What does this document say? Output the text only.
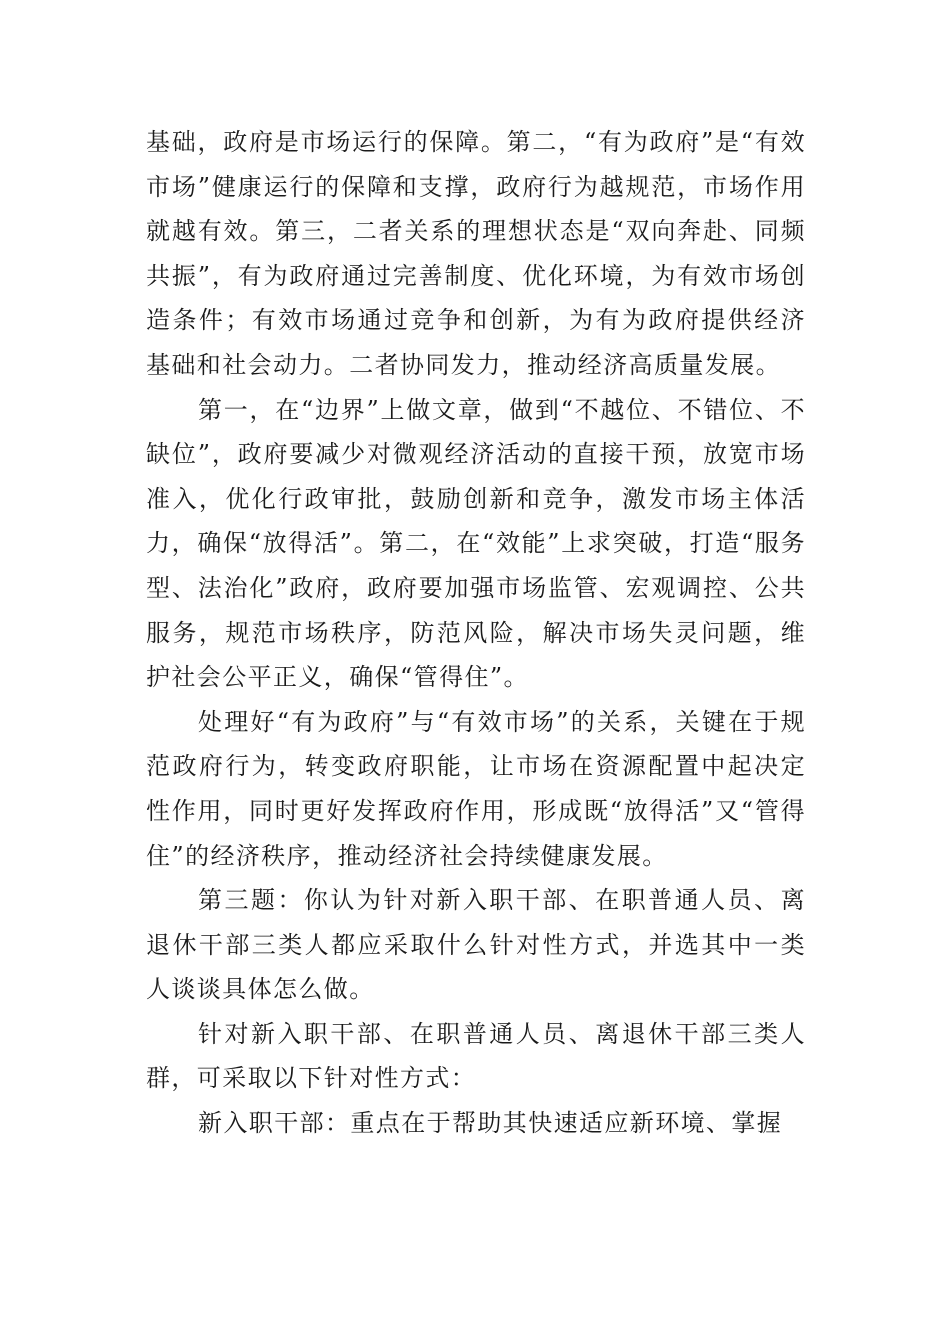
基础，政府是市场运行的保障。第二，“有为政府”是“有效市场”健康运行的保障和支撑，政府行为越规范，市场作用就越有效。第三，二者关系的理想状态是“双向奔赴、同频共振”，有为政府通过完善制度、优化环境，为有效市场创造条件；有效市场通过竞争和创新，为有为政府提供经济基础和社会动力。二者协同发力，推动经济高质量发展。

第一，在“边界”上做文章，做到“不越位、不错位、不缺位”，政府要减少对微观经济活动的直接干预，放宽市场准入，优化行政审批，鼓励创新和竞争，激发市场主体活力，确保“放得活”。第二，在“效能”上求突破，打造“服务型、法治化”政府，政府要加强市场监管、宏观调控、公共服务，规范市场秩序，防范风险，解决市场失灵问题，维护社会公平正义，确保“管得住”。

处理好“有为政府”与“有效市场”的关系，关键在于规范政府行为，转变政府职能，让市场在资源配置中起决定性作用，同时更好发挥政府作用，形成既“放得活”又“管得住”的经济秩序，推动经济社会持续健康发展。

第三题：你认为针对新入职干部、在职普通人员、离退休干部三类人都应采取什么针对性方式，并选其中一类人谈谈具体怎么做。

针对新入职干部、在职普通人员、离退休干部三类人群，可采取以下针对性方式：

新入职干部：重点在于帮助其快速适应新环境、掌握
